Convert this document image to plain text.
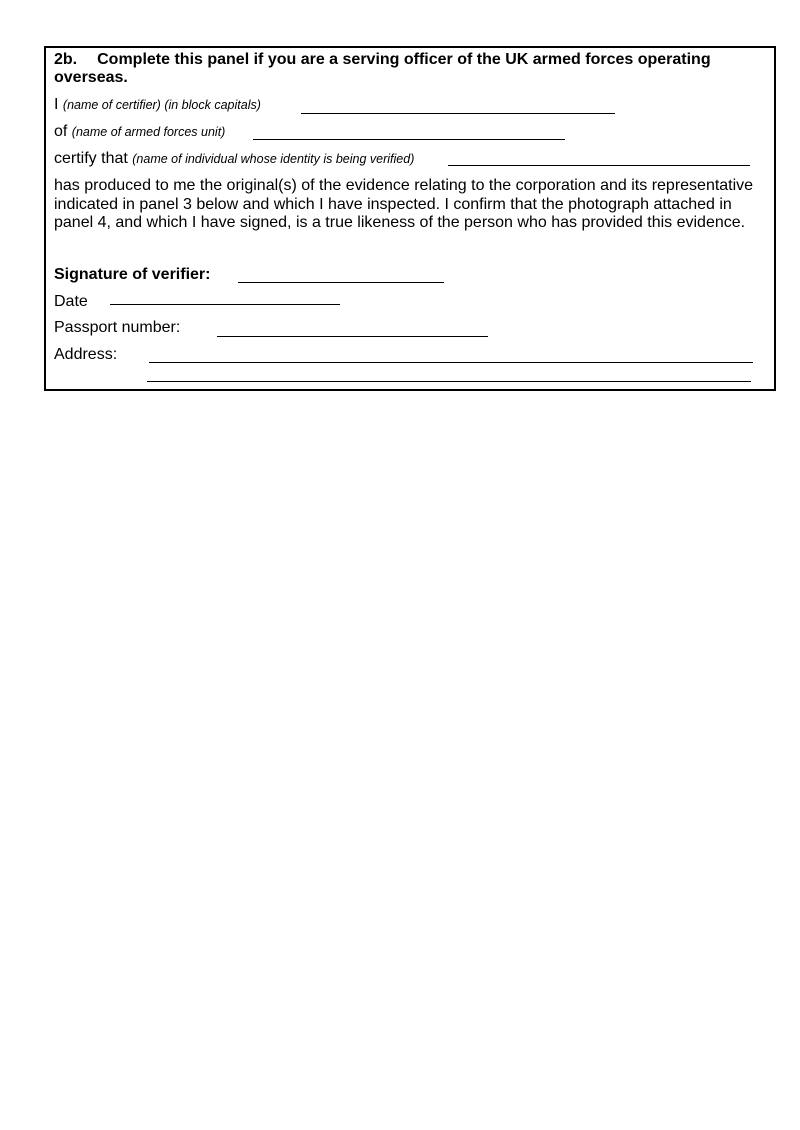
2b. Complete this panel if you are a serving officer of the UK armed forces operating
overseas.
I (name of certifier) (in block capitals)
of (name of armed forces unit)
certify that (name of individual whose identity is being verified)
has produced to me the original(s) of the evidence relating to the corporation and its representative indicated in panel 3 below and which I have inspected. I confirm that the photograph attached in panel 4, and which I have signed, is a true likeness of the person who has provided this evidence.
Signature of verifier:
Date
Passport number:
Address:
